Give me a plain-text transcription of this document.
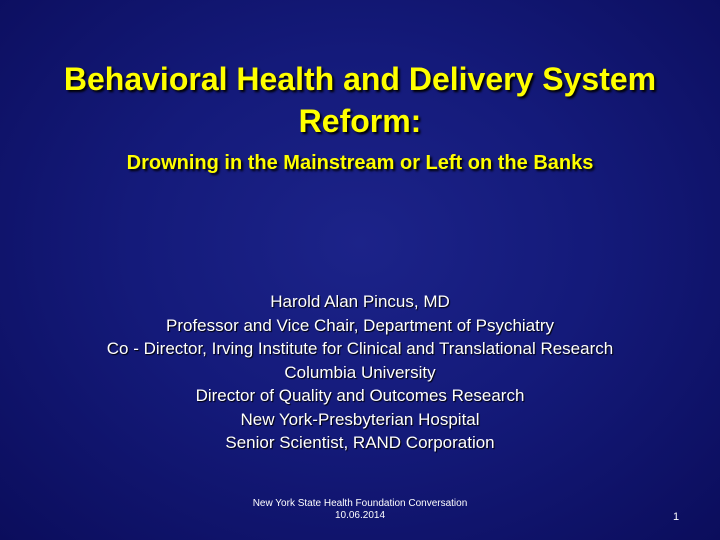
Behavioral Health and Delivery System
Reform:
Drowning in the Mainstream or Left on the Banks
Harold Alan Pincus, MD
Professor and Vice Chair, Department of Psychiatry
Co - Director, Irving Institute for Clinical and Translational Research
Columbia University
Director of Quality and Outcomes Research
New York-Presbyterian Hospital
Senior Scientist, RAND Corporation
New York State Health Foundation Conversation
10.06.2014	1
